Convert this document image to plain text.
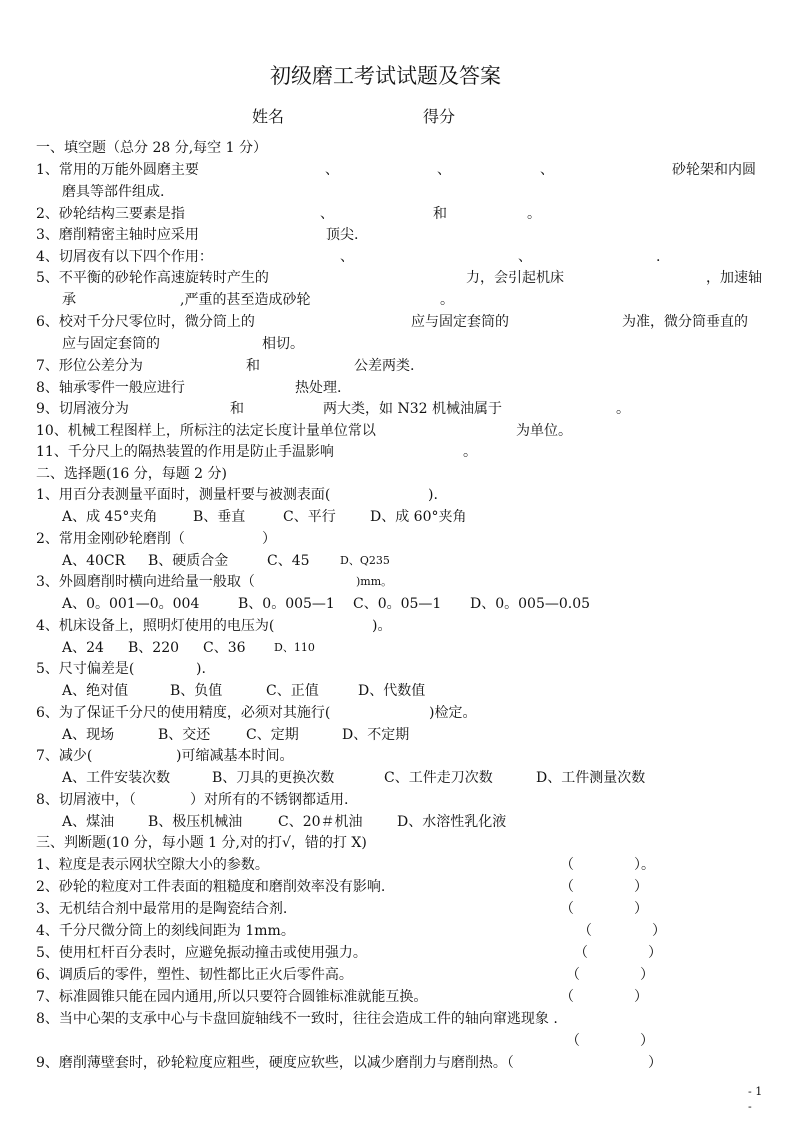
初级磨工考试试题及答案
姓名	得分
一、填空题（总分 28 分,每空 1 分）
1、常用的万能外圆磨主要	、	、	、	砂轮架和内圆
磨具等部件组成.
2、砂轮结构三要素是指	、	和	。
3、磨削精密主轴时应采用	顶尖.
4、切屑夜有以下四个作用：	、	、	.
5、不平衡的砂轮作高速旋转时产生的	力，会引起机床	，加速轴
承	,严重的甚至造成砂轮	。
6、校对千分尺零位时，微分筒上的	应与固定套筒的	为准，微分筒垂直的
应与固定套筒的	相切。
7、形位公差分为	和	公差两类.
8、轴承零件一般应进行	热处理.
9、切屑液分为	和	两大类，如 N32 机械油属于	。
10、机械工程图样上，所标注的法定长度计量单位常以	为单位。
11、千分尺上的隔热装置的作用是防止手温影响	。
二、选择题(16 分，每题 2 分)
1、用百分表测量平面时，测量杆要与被测表面(	).
A、成 45°夹角	B、垂直	C、平行 D、成 60°夹角
2、常用金刚砂轮磨削（	）
A、40CR B、硬质合金	C、45	D、Q235
3、外圆磨削时横向进给量一般取（	)mm。
A、0。001—0。004	B、0。005—1 C、0。05—1 D、0。005—0.05
4、机床设备上，照明灯使用的电压为(	)。
A、24 B、220 C、36	D、110
5、尺寸偏差是(	).
A、绝对值	B、负值	C、正值	D、代数值
6、为了保证千分尺的使用精度，必须对其施行(	)检定。
A、现场	B、交还	C、定期	D、不定期
7、减少(	)可缩减基本时间。
A、工件安装次数	B、刀具的更换次数	C、工件走刀次数	D、工件测量次数
8、切屑液中，（	）对所有的不锈钢都适用.
A、煤油 B、极压机械油	C、20＃机油 D、水溶性乳化液
三、判断题(10 分，每小题 1 分,对的打√，错的打 X)
1、粒度是表示网状空隙大小的参数。	（	）。
2、砂轮的粒度对工件表面的粗糙度和磨削效率没有影响.	（	）
3、无机结合剂中最常用的是陶瓷结合剂.	（	）
4、千分尺微分筒上的刻线间距为 1mm。	（	）
5、使用杠杆百分表时，应避免振动撞击或使用强力。	（	）
6、调质后的零件，塑性、韧性都比正火后零件高。	（	）
7、标准圆锥只能在园内通用,所以只要符合圆锥标准就能互换。	（	）
8、当中心架的支承中心与卡盘回旋轴线不一致时，往往会造成工件的轴向窜逃现象 .
（	）
9、磨削薄壁套时，砂轮粒度应粗些，硬度应软些，以减少磨削力与磨削热。（	）
- 1
-
